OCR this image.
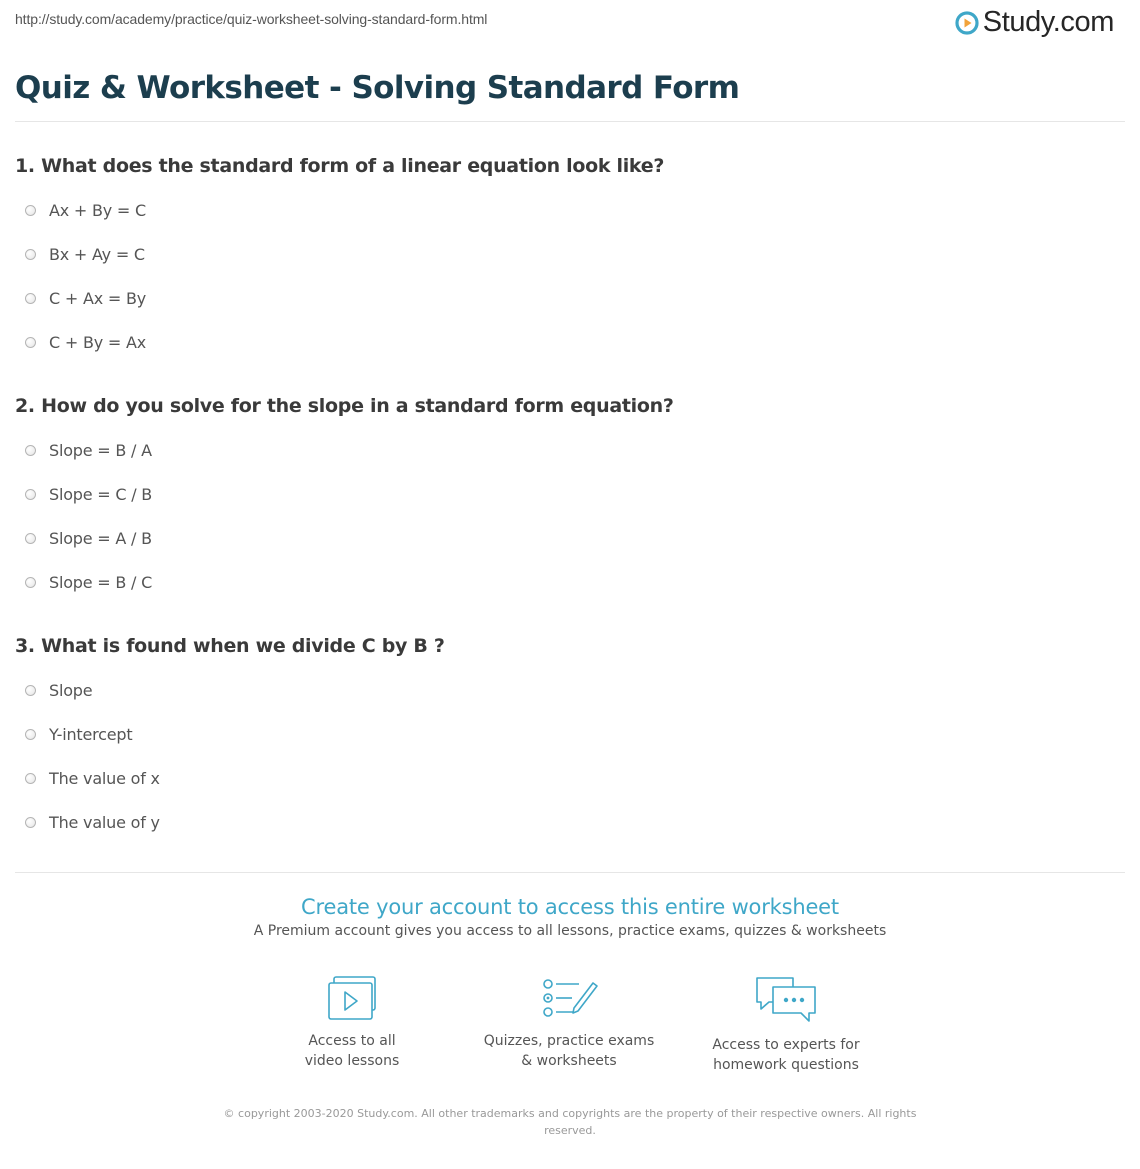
http://study.com/academy/practice/quiz-worksheet-solving-standard-form.html	Study.com
Quiz & Worksheet - Solving Standard Form

1. What does the standard form of a linear equation look like?

Ax + By = C
Bx + Ay = C
C + Ax = By
C + By = Ax

2. How do you solve for the slope in a standard form equation?

Slope = B / A
Slope = C / B
Slope = A / B
Slope = B / C

3. What is found when we divide C by B ?

Slope
Y-intercept
The value of x
The value of y
Create your account to access this entire worksheet
A Premium account gives you access to all lessons, practice exams, quizzes & worksheets
Access to all
video lessons
Quizzes, practice exams
& worksheets
Access to experts for
homework questions
© copyright 2003-2020 Study.com. All other trademarks and copyrights are the property of their respective owners. All rights
reserved.
